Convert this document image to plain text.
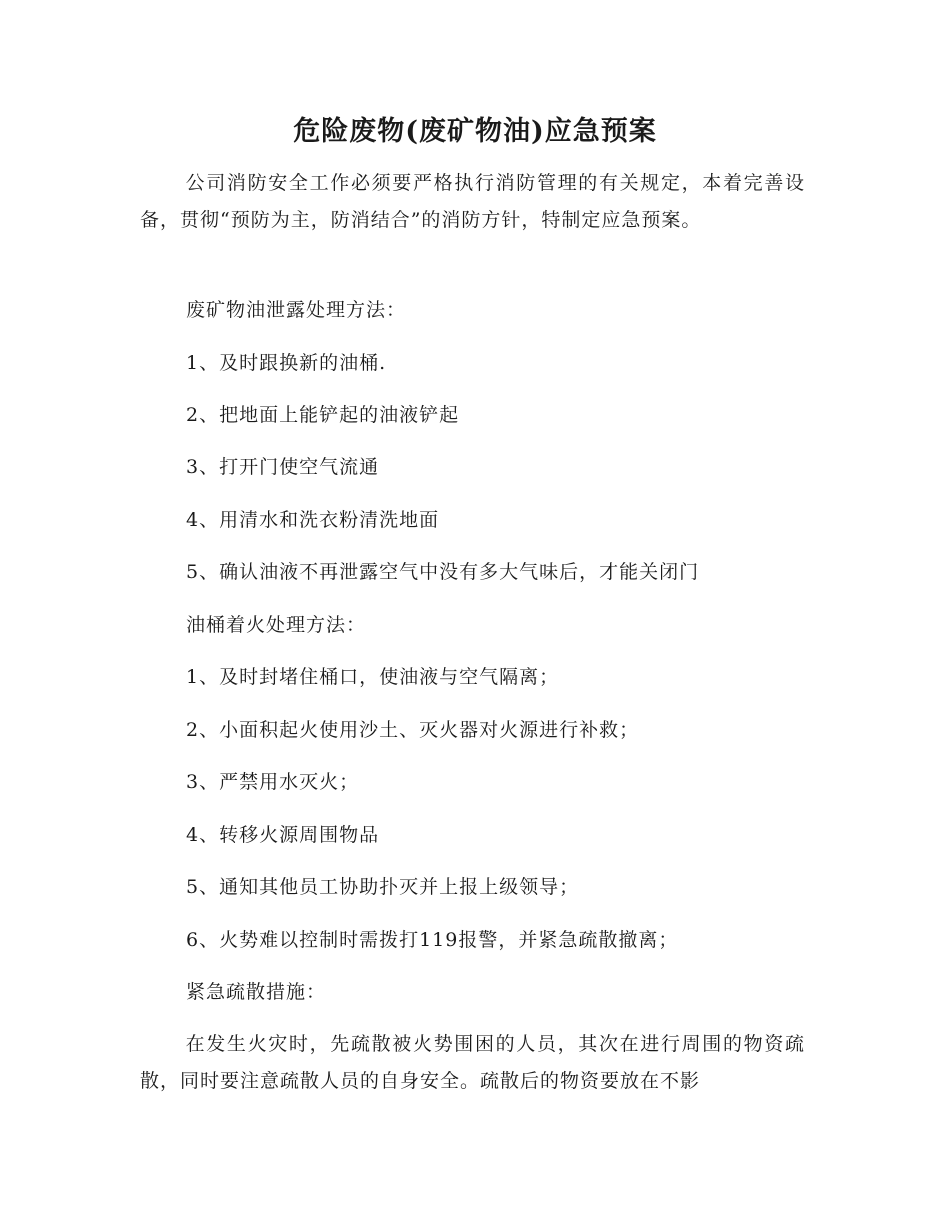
危险废物(废矿物油)应急预案
公司消防安全工作必须要严格执行消防管理的有关规定，本着完善设备，贯彻“预防为主，防消结合”的消防方针，特制定应急预案。
废矿物油泄露处理方法：
1、及时跟换新的油桶.
2、把地面上能铲起的油液铲起
3、打开门使空气流通
4、用清水和洗衣粉清洗地面
5、确认油液不再泄露空气中没有多大气味后，才能关闭门
油桶着火处理方法：
1、及时封堵住桶口，使油液与空气隔离；
2、小面积起火使用沙土、灭火器对火源进行补救；
3、严禁用水灭火；
4、转移火源周围物品
5、通知其他员工协助扑灭并上报上级领导；
6、火势难以控制时需拨打119报警，并紧急疏散撤离；
紧急疏散措施：
在发生火灾时，先疏散被火势围困的人员，其次在进行周围的物资疏散，同时要注意疏散人员的自身安全。疏散后的物资要放在不影
